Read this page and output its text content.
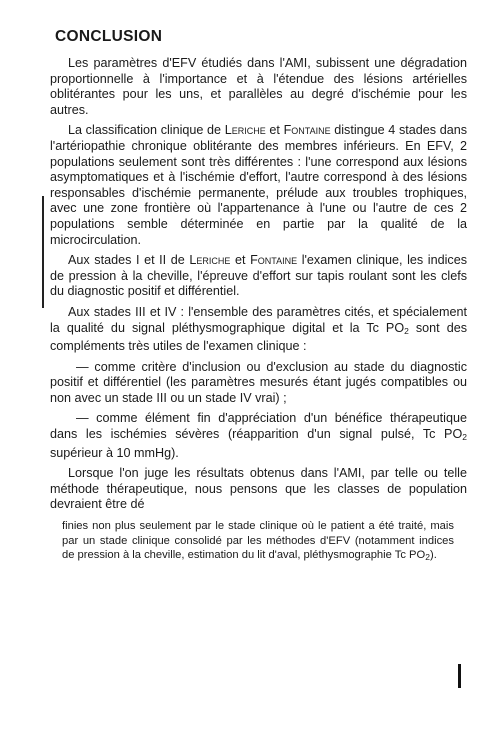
CONCLUSION

Les paramètres d'EFV étudiés dans l'AMI, subissent une dégradation proportionnelle à l'importance et à l'étendue des lésions artérielles oblitérantes pour les uns, et parallèles au degré d'ischémie pour les autres.

La classification clinique de Leriche et Fontaine distingue 4 stades dans l'artériopathie chronique oblitérante des membres inférieurs. En EFV, 2 populations seulement sont très différentes : l'une correspond aux lésions asymptomatiques et à l'ischémie d'effort, l'autre correspond à des lésions responsables d'ischémie permanente, prélude aux troubles trophiques, avec une zone frontière où l'appartenance à l'une ou l'autre de ces 2 populations semble déterminée en partie par la qualité de la microcirculation.

Aux stades I et II de Leriche et Fontaine l'examen clinique, les indices de pression à la cheville, l'épreuve d'effort sur tapis roulant sont les clefs du diagnostic positif et différentiel.

Aux stades III et IV : l'ensemble des paramètres cités, et spécialement la qualité du signal pléthysmographique digital et la Tc $PO_2$ sont des compléments très utiles de l'examen clinique :

— comme critère d'inclusion ou d'exclusion au stade du diagnostic positif et différentiel (les paramètres mesurés étant jugés compatibles ou non avec un stade III ou un stade IV vrai) ;

— comme élément fin d'appréciation d'un bénéfice thérapeutique dans les ischémies sévères (réapparition d'un signal pulsé, Tc $PO_2$ supérieur à 10 mmHg).

Lorsque l'on juge les résultats obtenus dans l'AMI, par telle ou telle méthode thérapeutique, nous pensons que les classes de population devraient être dé

finies non plus seulement par le stade clinique où le patient a été traité, mais par un stade clinique consolidé par les méthodes d'EFV (notamment indices de pression à la cheville, estimation du lit d'aval, pléthysmographie Tc $PO_2$).
